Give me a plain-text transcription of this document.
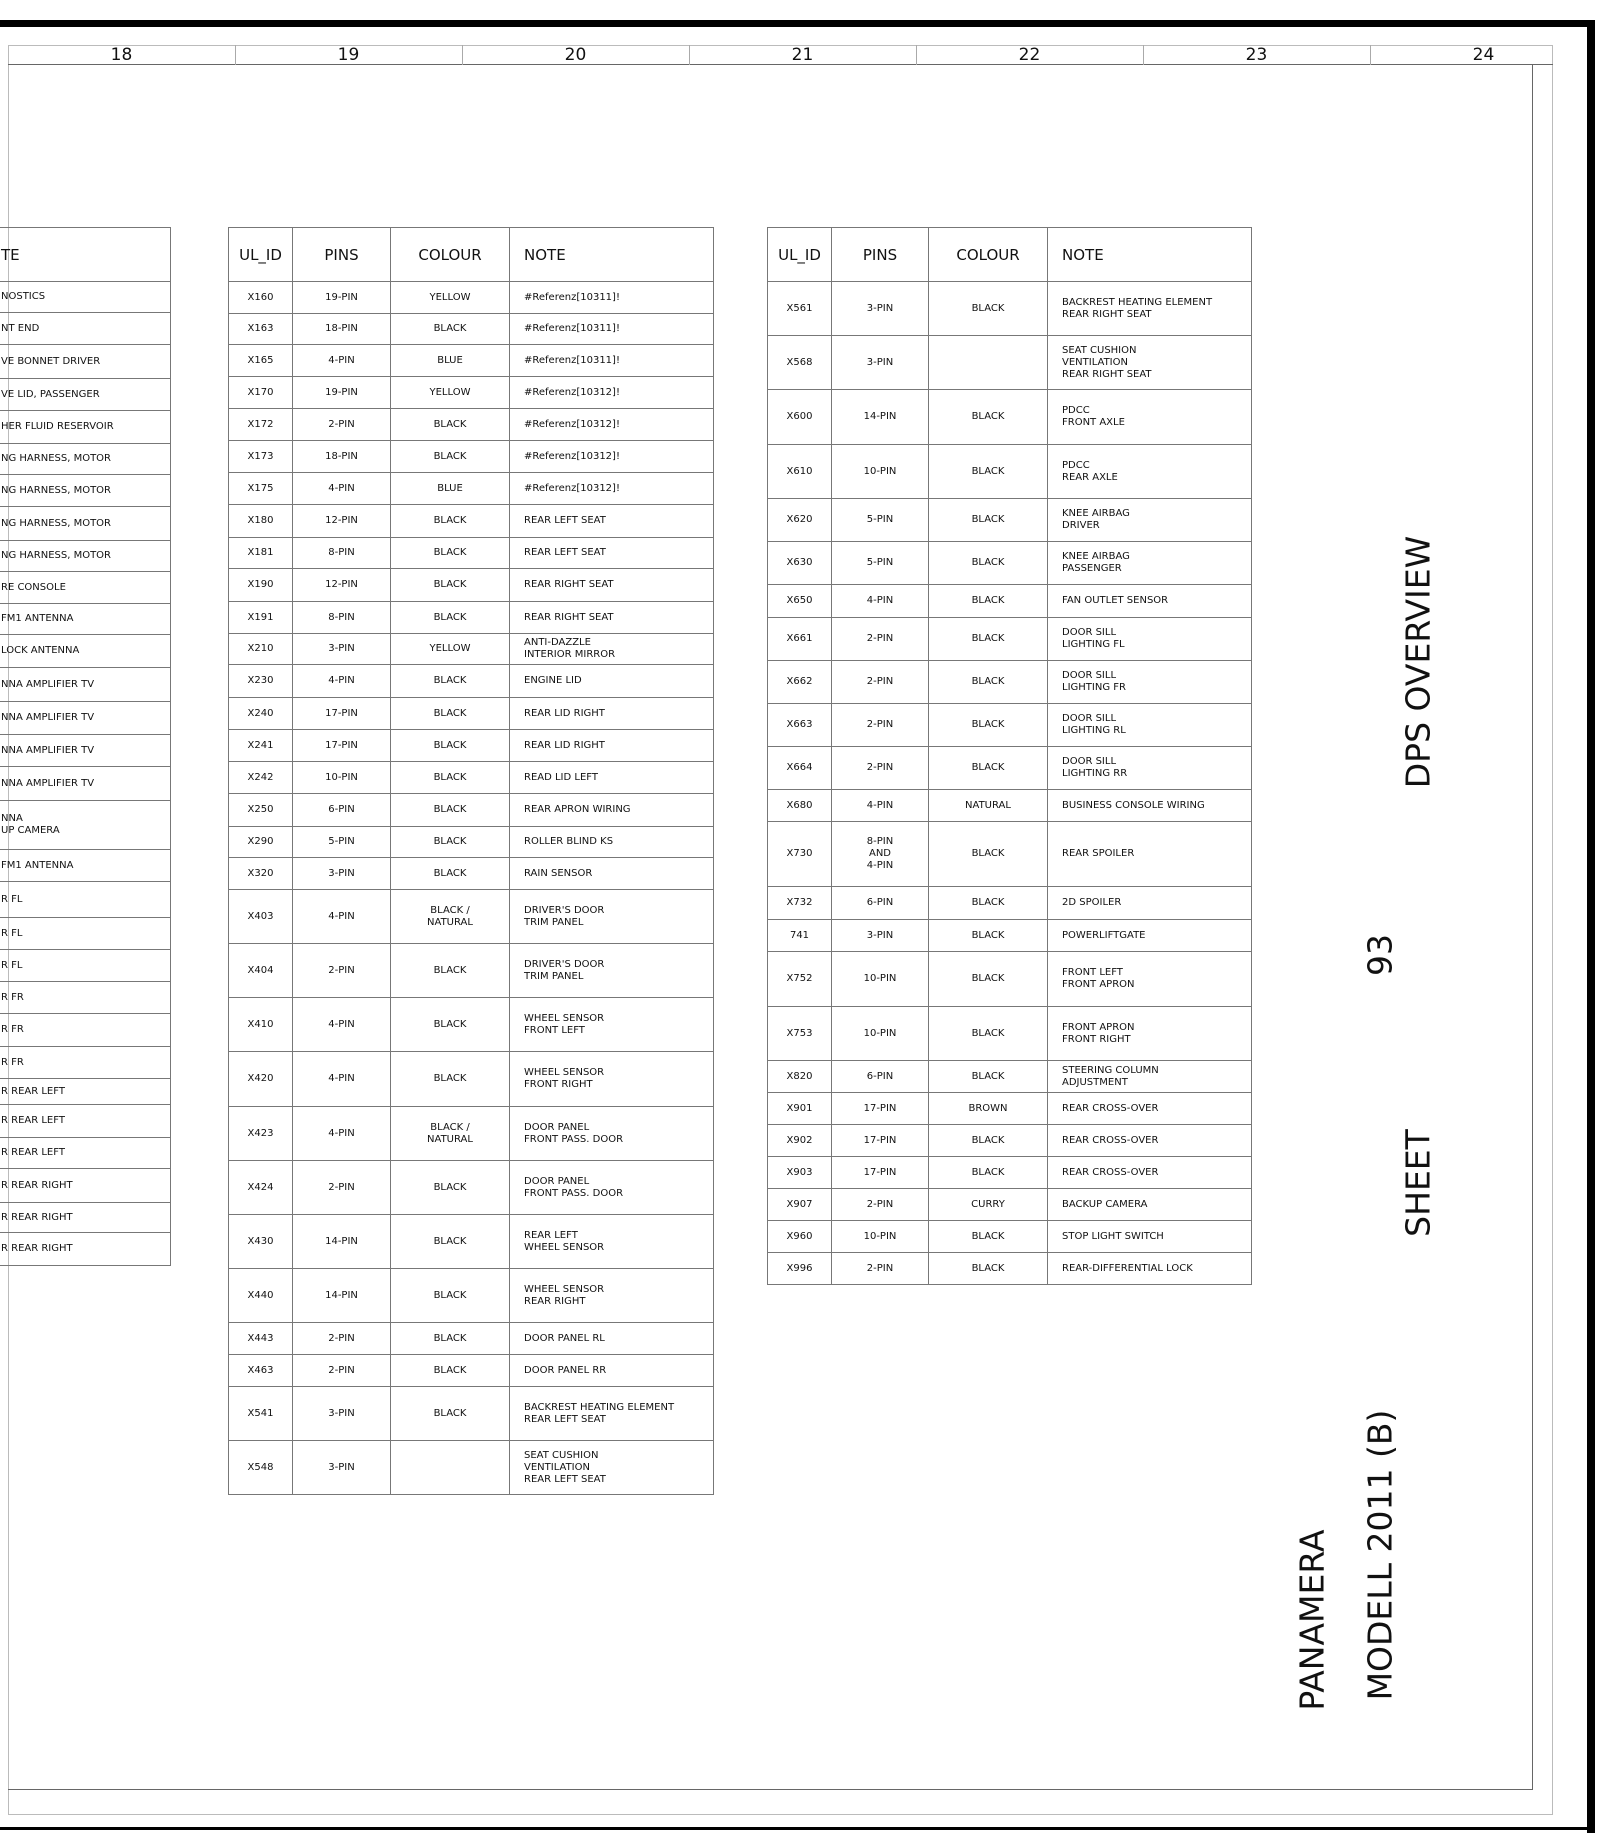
18	19	20	21	22	23	24
TE

NOSTICS

NT END

VE BONNET DRIVER

VE LID, PASSENGER

HER FLUID RESERVOIR

NG HARNESS, MOTOR

NG HARNESS, MOTOR

NG HARNESS, MOTOR

NG HARNESS, MOTOR

RE CONSOLE

FM1 ANTENNA

LOCK ANTENNA

NNA AMPLIFIER TV

NNA AMPLIFIER TV

NNA AMPLIFIER TV

NNA AMPLIFIER TV

NNA
UP CAMERA

FM1 ANTENNA

R FL

R FL

R FL

R FR

R FR

R FR

R REAR LEFT

R REAR LEFT

R REAR LEFT

R REAR RIGHT

R REAR RIGHT

R REAR RIGHT
UL_ID	PINS	COLOUR	NOTE
X160	19-PIN	YELLOW	#Referenz[10311]!

X163	18-PIN	BLACK	#Referenz[10311]!

X165	4-PIN	BLUE	#Referenz[10311]!

X170	19-PIN	YELLOW	#Referenz[10312]!

X172	2-PIN	BLACK	#Referenz[10312]!

X173	18-PIN	BLACK	#Referenz[10312]!

X175	4-PIN	BLUE	#Referenz[10312]!

X180	12-PIN	BLACK	REAR LEFT SEAT

X181	8-PIN	BLACK	REAR LEFT SEAT

X190	12-PIN	BLACK	REAR RIGHT SEAT

X191	8-PIN	BLACK	REAR RIGHT SEAT

X210	3-PIN	YELLOW	ANTI-DAZZLE
INTERIOR MIRROR

X230	4-PIN	BLACK	ENGINE LID

X240	17-PIN	BLACK	REAR LID RIGHT

X241	17-PIN	BLACK	REAR LID RIGHT

X242	10-PIN	BLACK	READ LID LEFT

X250	6-PIN	BLACK	REAR APRON WIRING

X290	5-PIN	BLACK	ROLLER BLIND KS

X320	3-PIN	BLACK	RAIN SENSOR

X403	4-PIN	BLACK /
NATURAL	DRIVER'S DOOR
TRIM PANEL

X404	2-PIN	BLACK	DRIVER'S DOOR
TRIM PANEL

X410	4-PIN	BLACK	WHEEL SENSOR
FRONT LEFT

X420	4-PIN	BLACK	WHEEL SENSOR
FRONT RIGHT

X423	4-PIN	BLACK /
NATURAL	DOOR PANEL
FRONT PASS. DOOR

X424	2-PIN	BLACK	DOOR PANEL
FRONT PASS. DOOR

X430	14-PIN	BLACK	REAR LEFT
WHEEL SENSOR

X440	14-PIN	BLACK	WHEEL SENSOR
REAR RIGHT

X443	2-PIN	BLACK	DOOR PANEL RL

X463	2-PIN	BLACK	DOOR PANEL RR

X541	3-PIN	BLACK	BACKREST HEATING ELEMENT
REAR LEFT SEAT

X548	3-PIN		SEAT CUSHION
VENTILATION
REAR LEFT SEAT
UL_ID	PINS	COLOUR	NOTE
X561	3-PIN	BLACK	BACKREST HEATING ELEMENT
REAR RIGHT SEAT

X568	3-PIN		SEAT CUSHION
VENTILATION
REAR RIGHT SEAT

X600	14-PIN	BLACK	PDCC
FRONT AXLE

X610	10-PIN	BLACK	PDCC
REAR AXLE

X620	5-PIN	BLACK	KNEE AIRBAG
DRIVER

X630	5-PIN	BLACK	KNEE AIRBAG
PASSENGER

X650	4-PIN	BLACK	FAN OUTLET SENSOR

X661	2-PIN	BLACK	DOOR SILL
LIGHTING FL

X662	2-PIN	BLACK	DOOR SILL
LIGHTING FR

X663	2-PIN	BLACK	DOOR SILL
LIGHTING RL

X664	2-PIN	BLACK	DOOR SILL
LIGHTING RR

X680	4-PIN	NATURAL	BUSINESS CONSOLE WIRING

X730	8-PIN
AND
4-PIN	BLACK	REAR SPOILER

X732	6-PIN	BLACK	2D SPOILER

741	3-PIN	BLACK	POWERLIFTGATE

X752	10-PIN	BLACK	FRONT LEFT
FRONT APRON

X753	10-PIN	BLACK	FRONT APRON
FRONT RIGHT

X820	6-PIN	BLACK	STEERING COLUMN
ADJUSTMENT

X901	17-PIN	BROWN	REAR CROSS-OVER

X902	17-PIN	BLACK	REAR CROSS-OVER

X903	17-PIN	BLACK	REAR CROSS-OVER

X907	2-PIN	CURRY	BACKUP CAMERA

X960	10-PIN	BLACK	STOP LIGHT SWITCH

X996	2-PIN	BLACK	REAR-DIFFERENTIAL LOCK
DPS OVERVIEW
93
SHEET
MODELL 2011 (B)
PANAMERA
